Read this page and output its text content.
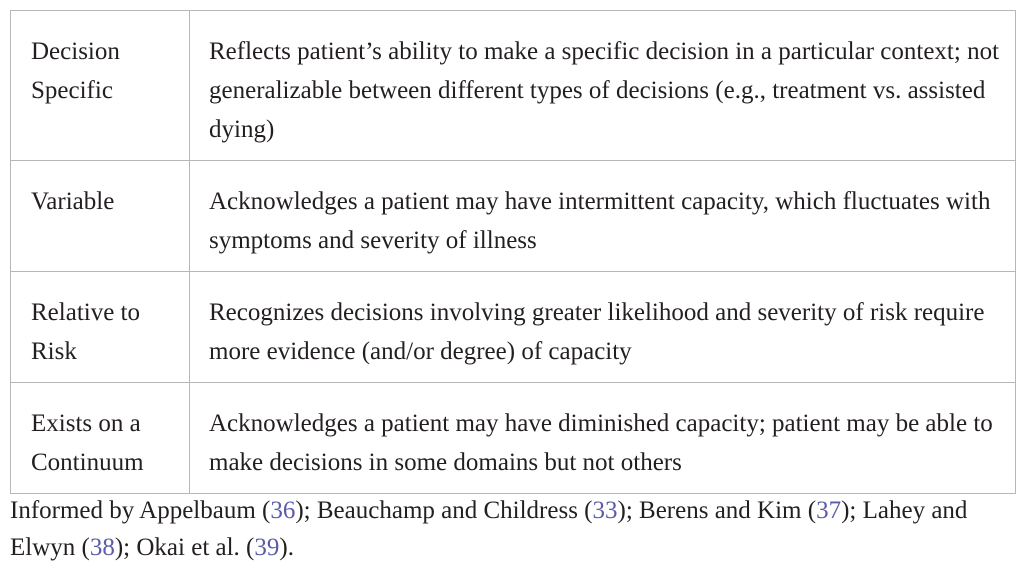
Decision Specific	Reflects patient’s ability to make a specific decision in a particular context; not generalizable between different types of decisions (e.g., treatment vs. assisted dying)
Variable	Acknowledges a patient may have intermittent capacity, which fluctuates with symptoms and severity of illness
Relative to Risk	Recognizes decisions involving greater likelihood and severity of risk require more evidence (and/or degree) of capacity
Exists on a Continuum	Acknowledges a patient may have diminished capacity; patient may be able to make decisions in some domains but not others
Informed by Appelbaum (36); Beauchamp and Childress (33); Berens and Kim (37); Lahey and Elwyn (38); Okai et al. (39).
